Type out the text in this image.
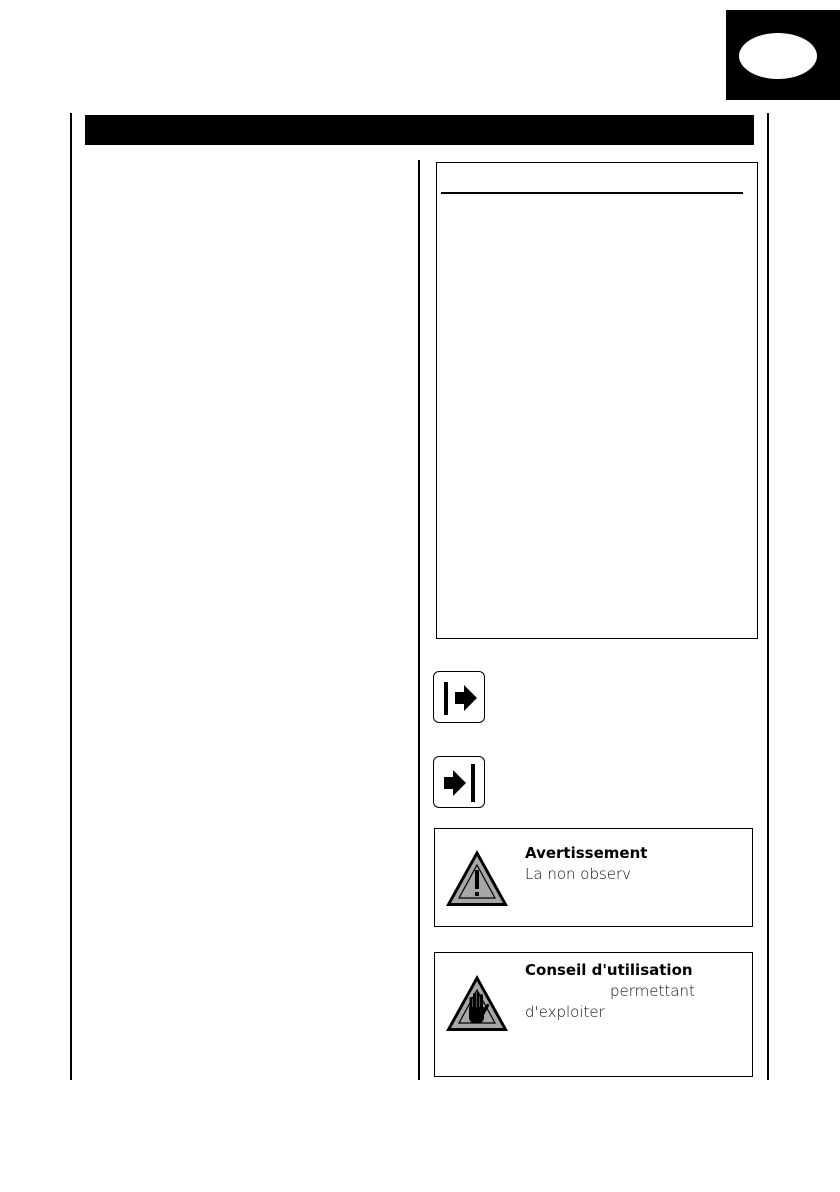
Avertissement
La non observ
Conseil d'utilisation
permettant
d'exploiter
